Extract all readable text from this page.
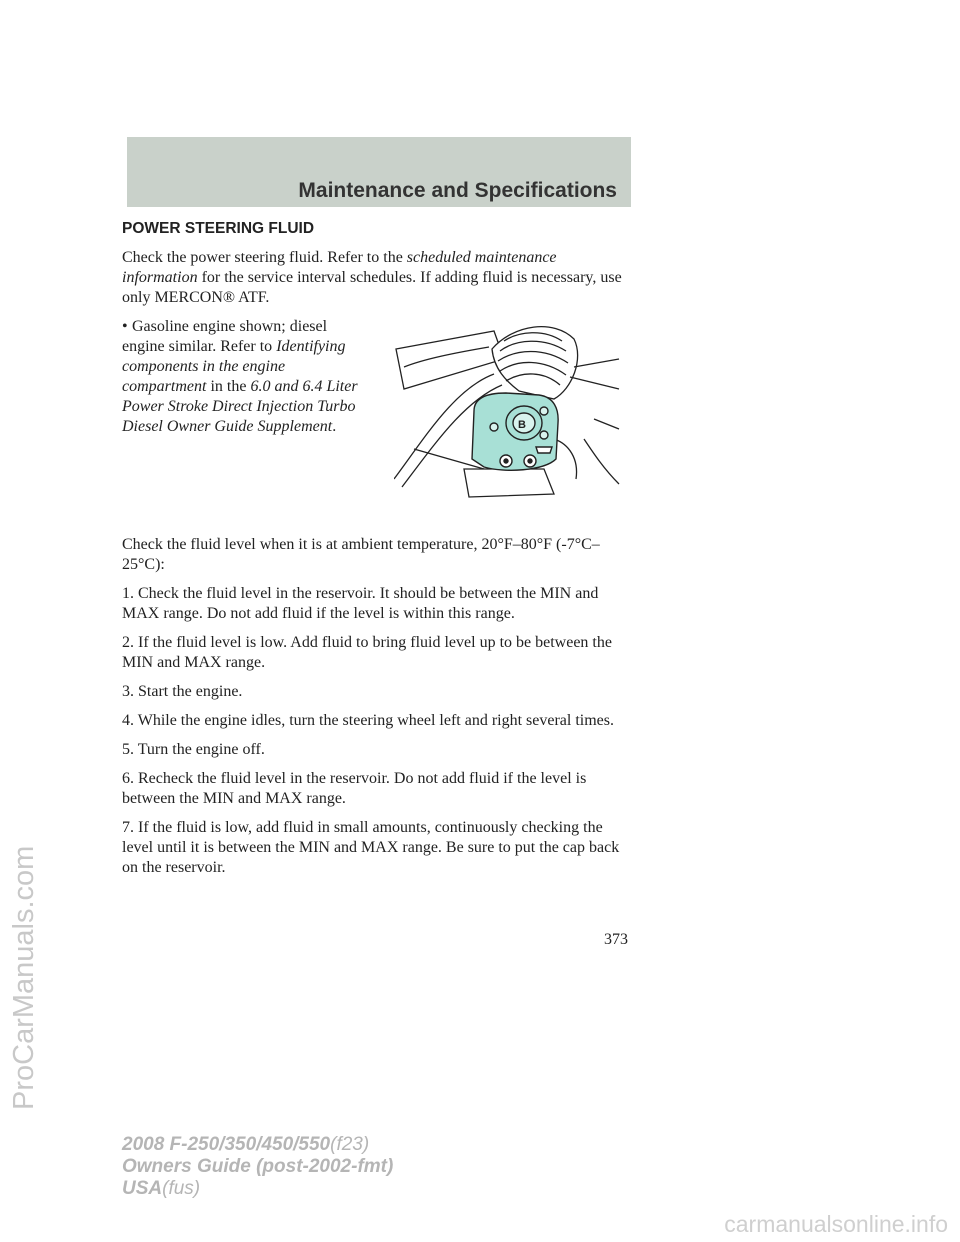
Maintenance and Specifications
POWER STEERING FLUID

Check the power steering fluid. Refer to the scheduled maintenance information for the service interval schedules. If adding fluid is necessary, use only MERCON® ATF.

• Gasoline engine shown; diesel engine similar. Refer to Identifying components in the engine compartment in the 6.0 and 6.4 Liter Power Stroke Direct Injection Turbo Diesel Owner Guide Supplement.	B

Check the fluid level when it is at ambient temperature, 20°F–80°F (-7°C–25°C):

1. Check the fluid level in the reservoir. It should be between the MIN and MAX range. Do not add fluid if the level is within this range.

2. If the fluid level is low. Add fluid to bring fluid level up to be between the MIN and MAX range.

3. Start the engine.

4. While the engine idles, turn the steering wheel left and right several times.

5. Turn the engine off.

6. Recheck the fluid level in the reservoir. Do not add fluid if the level is between the MIN and MAX range.

7. If the fluid is low, add fluid in small amounts, continuously checking the level until it is between the MIN and MAX range. Be sure to put the cap back on the reservoir.

373
2008 F-250/350/450/550(f23)
Owners Guide (post-2002-fmt)
USA(fus)
ProCarManuals.com
carmanualsonline.info
